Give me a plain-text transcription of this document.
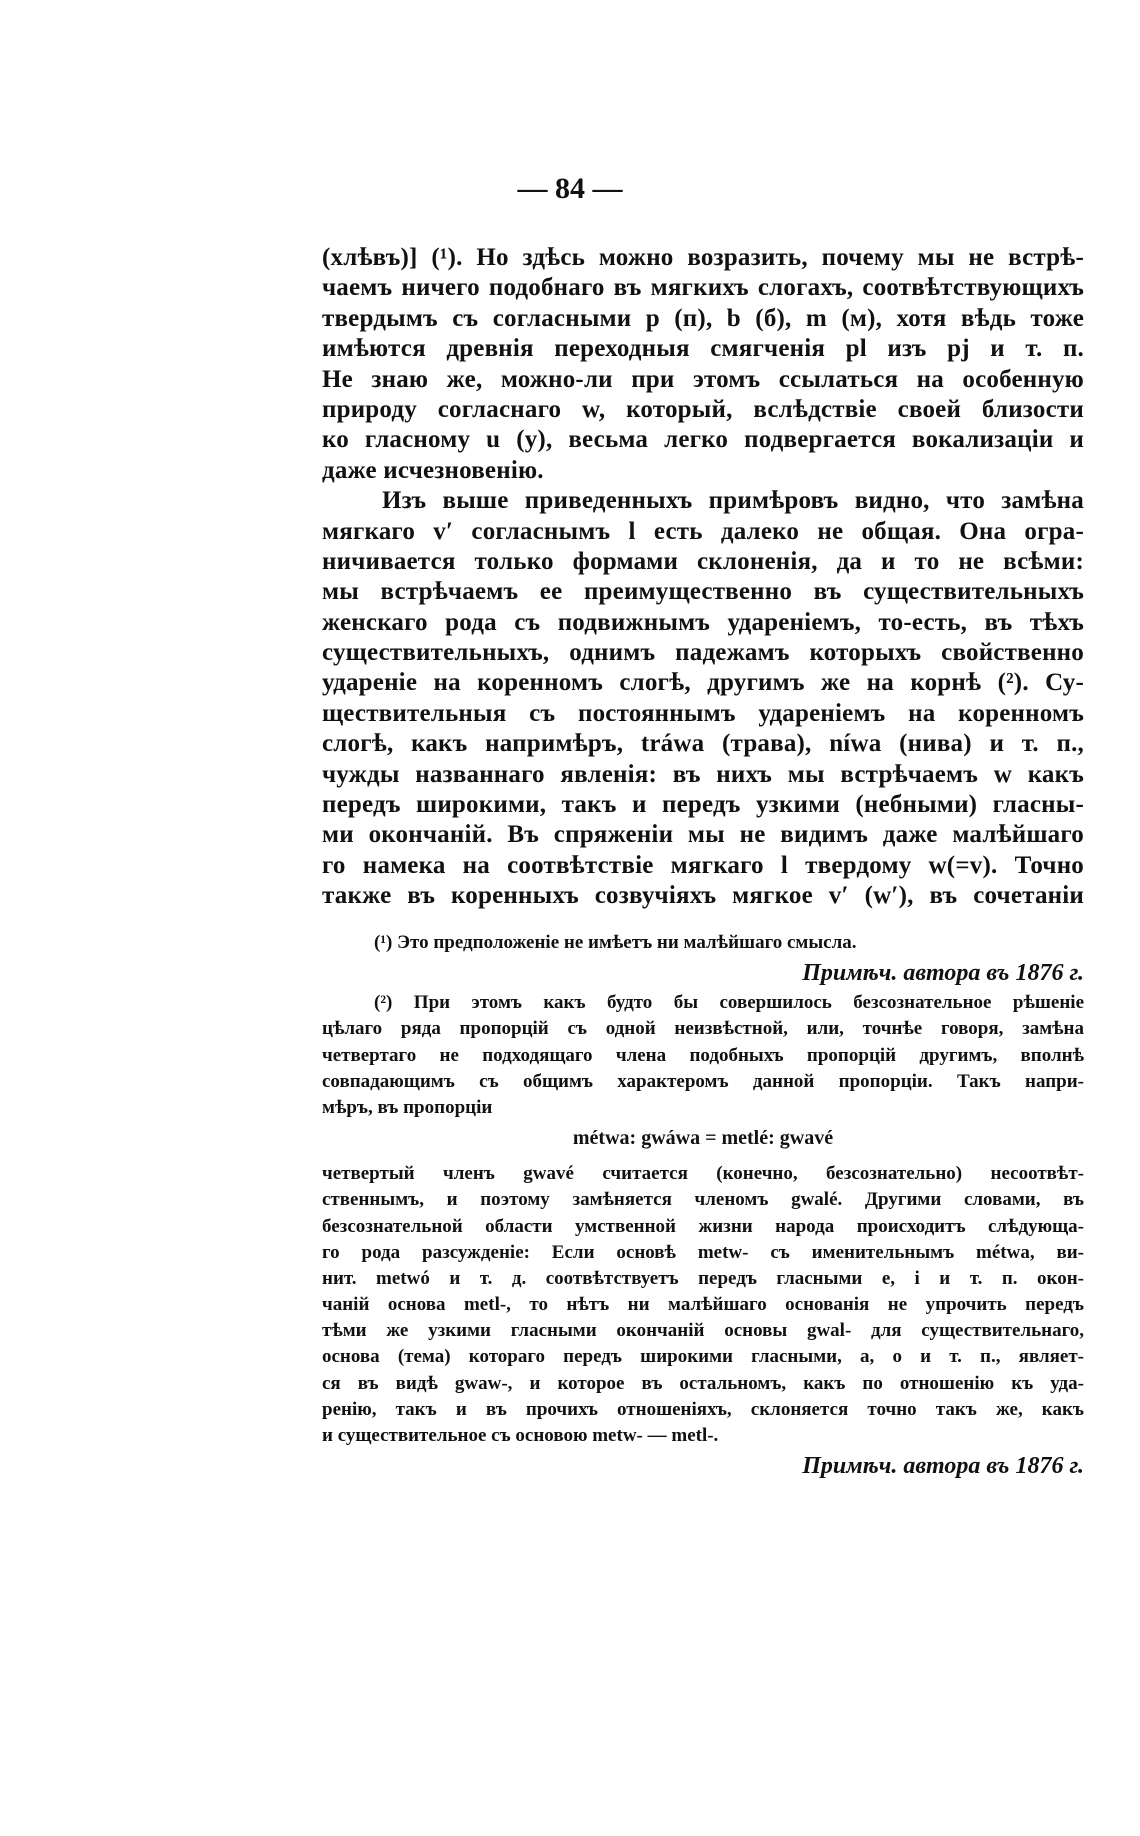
— 84 —
(хлѣвъ)] (¹). Но здѣсь можно возразить, почему мы не встрѣ-
чаемъ ничего подобнаго въ мягкихъ слогахъ, соотвѣтствующихъ
твердымъ съ согласными p (п), b (б), m (м), хотя вѣдь тоже
имѣются древнія переходныя смягченія pl изъ pj и т. п.
Не знаю же, можно-ли при этомъ ссылаться на особенную
природу согласнаго w, который, вслѣдствіе своей близости
ко гласному u (у), весьма легко подвергается вокализаціи и
даже исчезновенію.
Изъ выше приведенныхъ примѣровъ видно, что замѣна
мягкаго v′ согласнымъ l есть далеко не общая. Она огра-
ничивается только формами склоненія, да и то не всѣми:
мы встрѣчаемъ ее преимущественно въ существительныхъ
женскаго рода съ подвижнымъ удареніемъ, то-есть, въ тѣхъ
существительныхъ, однимъ падежамъ которыхъ свойственно
удареніе на коренномъ слогѣ, другимъ же на корнѣ (²). Су-
ществительныя съ постояннымъ удареніемъ на коренномъ
слогѣ, какъ напримѣръ, tráwa (трава), níwa (нива) и т. п.,
чужды названнаго явленія: въ нихъ мы встрѣчаемъ w какъ
передъ широкими, такъ и передъ узкими (небными) гласны-
ми окончаній. Въ спряженіи мы не видимъ даже малѣйшаго
го намека на соотвѣтствіе мягкаго l твердому w(=v). Точно
также въ коренныхъ созвучіяхъ мягкое v′ (w′), въ сочетаніи
(¹) Это предположеніе не имѣетъ ни малѣйшаго смысла.
Примѣч. автора въ 1876 г.
(²) При этомъ какъ будто бы совершилось безсознательное рѣшеніе
цѣлаго ряда пропорцій съ одной неизвѣстной, или, точнѣе говоря, замѣна
четвертаго не подходящаго члена подобныхъ пропорцій другимъ, вполнѣ
совпадающимъ съ общимъ характеромъ данной пропорціи. Такъ напри-
мѣръ, въ пропорціи
métwa: gwáwa = metlé: gwavé
четвертый членъ gwavé считается (конечно, безсознательно) несоотвѣт-
ственнымъ, и поэтому замѣняется членомъ gwalé. Другими словами, въ
безсознательной области умственной жизни народа происходитъ слѣдующа-
го рода разсужденіе: Если основѣ metw- съ именительнымъ métwa, ви-
нит. metwó и т. д. соотвѣтствуетъ передъ гласными e, i и т. п. окон-
чаній основа metl-, то нѣтъ ни малѣйшаго основанія не упрочить передъ
тѣми же узкими гласными окончаній основы gwal- для существительнаго,
основа (тема) котораго передъ широкими гласными, a, o и т. п., являет-
ся въ видѣ gwaw-, и которое въ остальномъ, какъ по отношенію къ уда-
ренію, такъ и въ прочихъ отношеніяхъ, склоняется точно такъ же, какъ
и существительное съ основою metw- — metl-.
Примѣч. автора въ 1876 г.
